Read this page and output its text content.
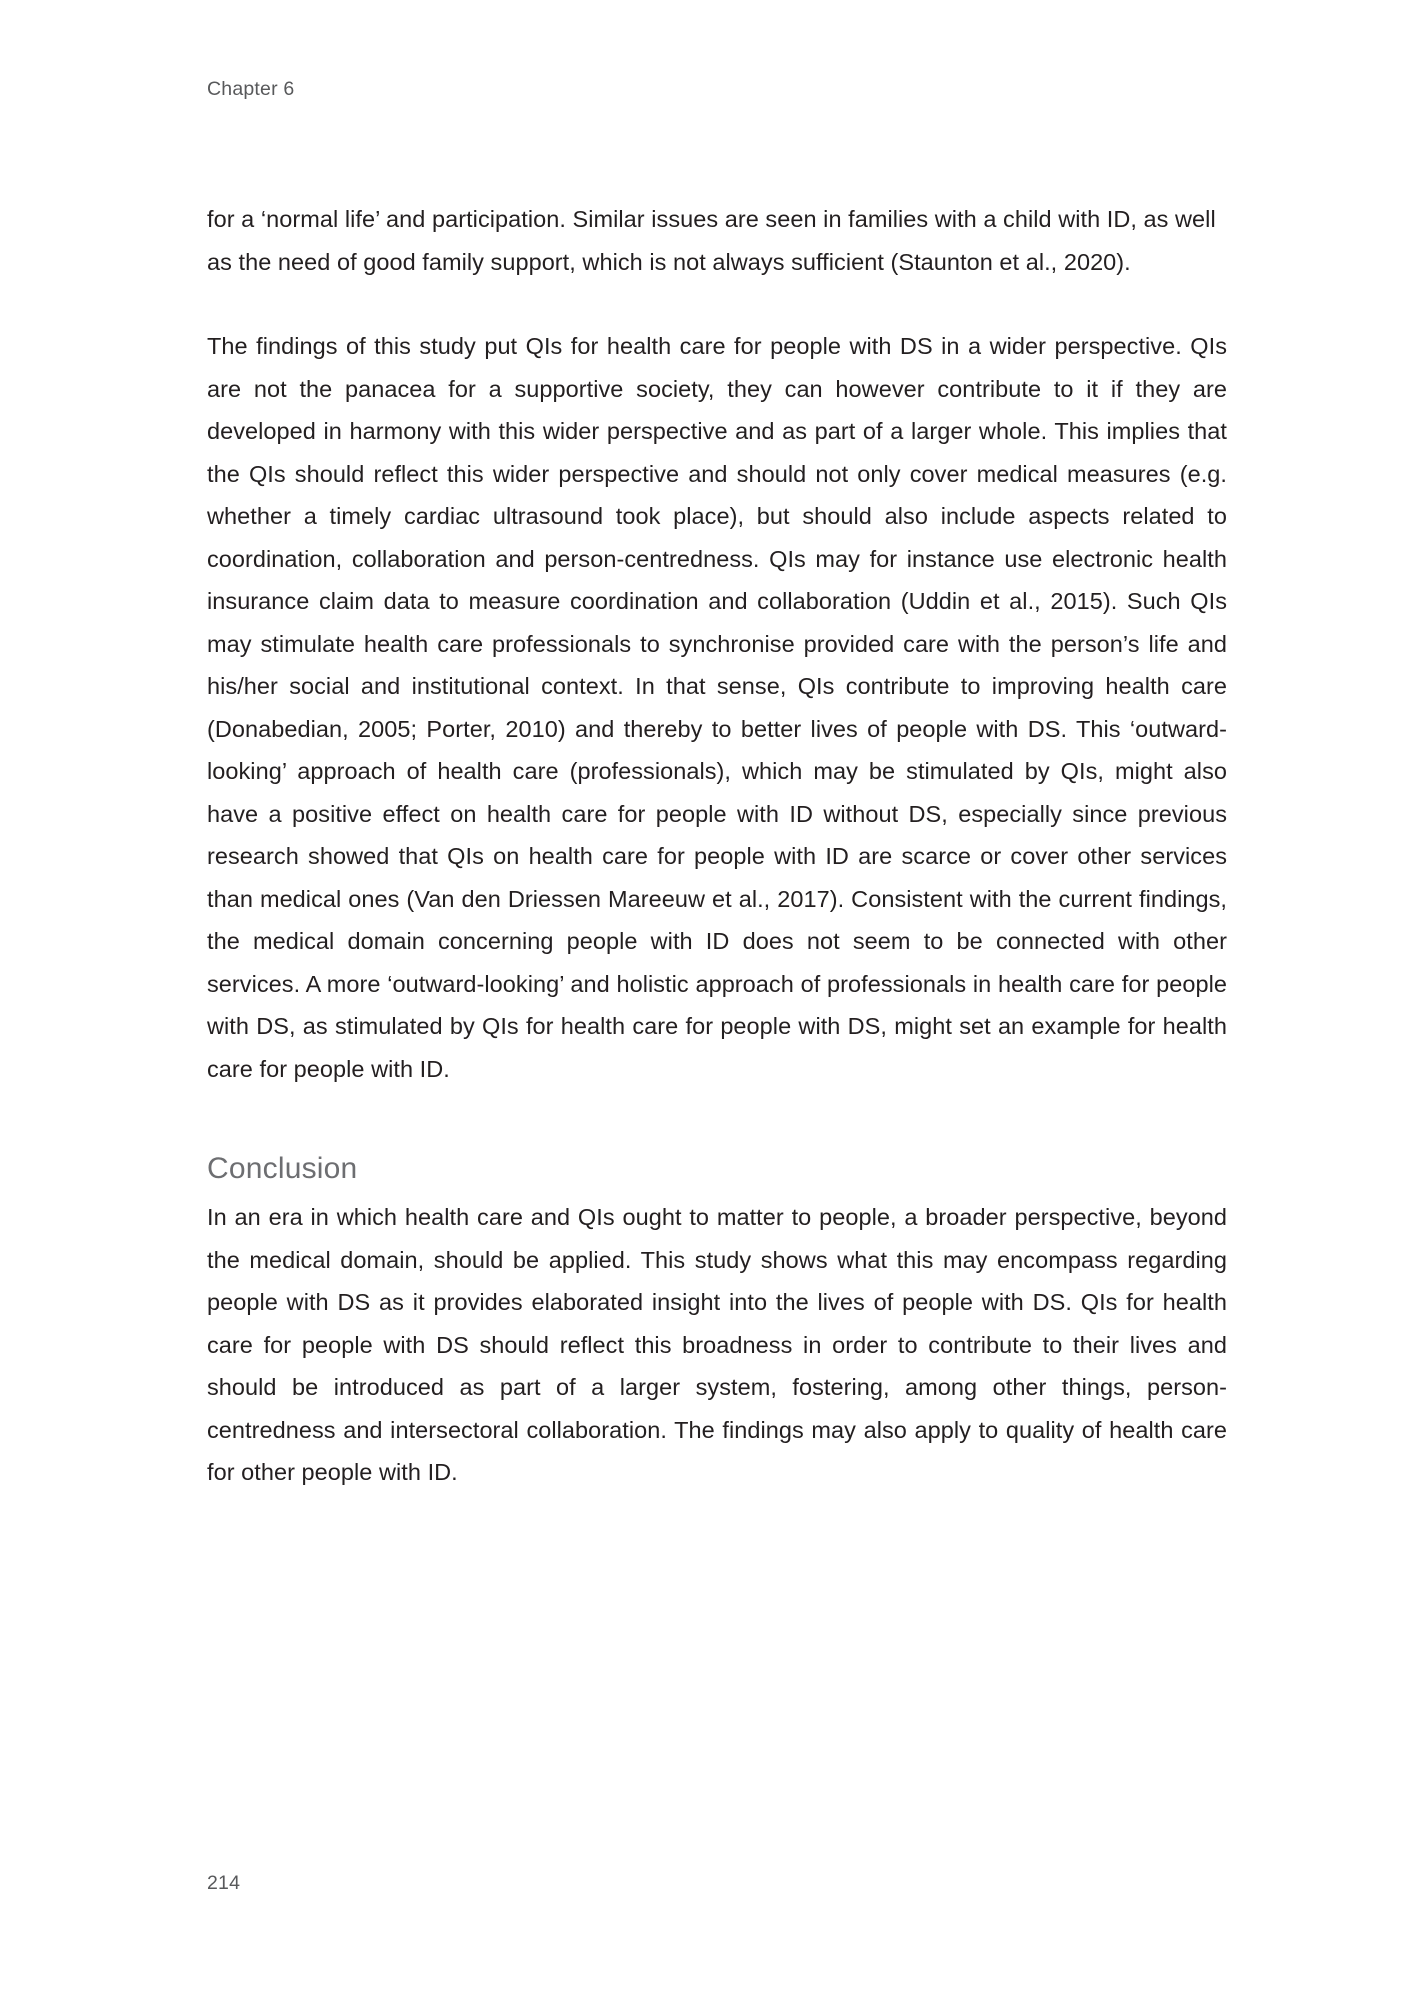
Chapter 6

for a ‘normal life’ and participation. Similar issues are seen in families with a child with ID, as well as the need of good family support, which is not always sufficient (Staunton et al., 2020).

The findings of this study put QIs for health care for people with DS in a wider perspective. QIs are not the panacea for a supportive society, they can however contribute to it if they are developed in harmony with this wider perspective and as part of a larger whole. This implies that the QIs should reflect this wider perspective and should not only cover medical measures (e.g. whether a timely cardiac ultrasound took place), but should also include aspects related to coordination, collaboration and person-centredness. QIs may for instance use electronic health insurance claim data to measure coordination and collaboration (Uddin et al., 2015). Such QIs may stimulate health care professionals to synchronise provided care with the person’s life and his/her social and institutional context. In that sense, QIs contribute to improving health care (Donabedian, 2005; Porter, 2010) and thereby to better lives of people with DS. This ‘outward-looking’ approach of health care (professionals), which may be stimulated by QIs, might also have a positive effect on health care for people with ID without DS, especially since previous research showed that QIs on health care for people with ID are scarce or cover other services than medical ones (Van den Driessen Mareeuw et al., 2017). Consistent with the current findings, the medical domain concerning people with ID does not seem to be connected with other services. A more ‘outward-looking’ and holistic approach of professionals in health care for people with DS, as stimulated by QIs for health care for people with DS, might set an example for health care for people with ID.

Conclusion

In an era in which health care and QIs ought to matter to people, a broader perspective, beyond the medical domain, should be applied. This study shows what this may encompass regarding people with DS as it provides elaborated insight into the lives of people with DS. QIs for health care for people with DS should reflect this broadness in order to contribute to their lives and should be introduced as part of a larger system, fostering, among other things, person-centredness and intersectoral collaboration. The findings may also apply to quality of health care for other people with ID.

214
